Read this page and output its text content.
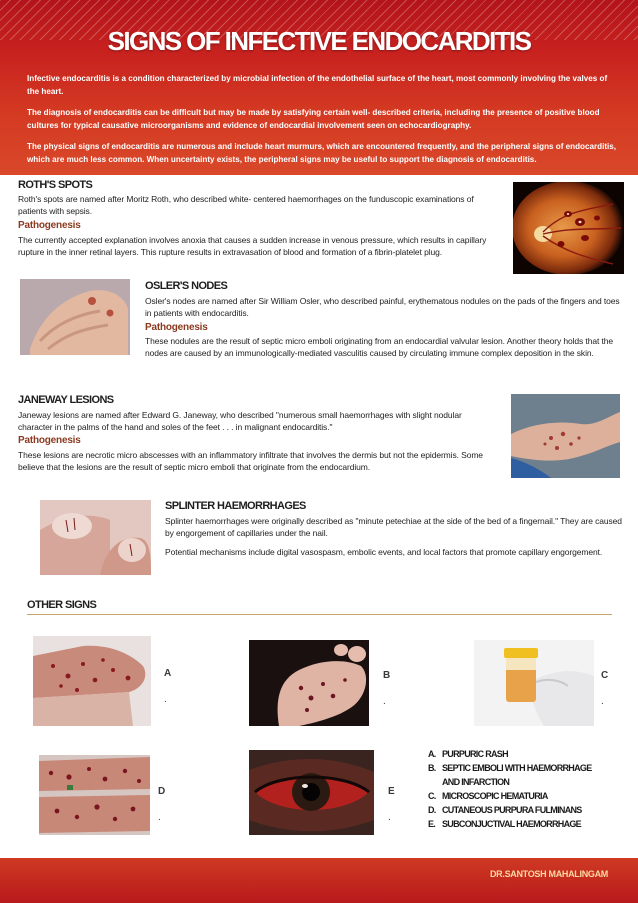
SIGNS OF INFECTIVE ENDOCARDITIS
Infective endocarditis is a condition characterized by microbial infection of the endothelial surface of the heart, most commonly involving the valves of the heart.
The diagnosis of endocarditis can be difficult but may be made by satisfying certain well- described criteria, including the presence of positive blood cultures for typical causative microorganisms and evidence of endocardial involvement seen on echocardiography.
The physical signs of endocarditis are numerous and include heart murmurs, which are encountered frequently, and the peripheral signs of endocarditis, which are much less common. When uncertainty exists, the peripheral signs may be useful to support the diagnosis of endocarditis.
ROTH'S SPOTS
Roth's spots are named after Moritz Roth, who described white- centered haemorrhages on the funduscopic examinations of patients with sepsis.
Pathogenesis
The currently accepted explanation involves anoxia that causes a sudden increase in venous pressure, which results in capillary rupture in the inner retinal layers. This rupture results in extravasation of blood and formation of a fibrin-platelet plug.
OSLER'S NODES
Osler's nodes are named after Sir William Osler, who described painful, erythematous nodules on the pads of the fingers and toes in patients with endocarditis.
Pathogenesis
These nodules are the result of septic micro emboli originating from an endocardial valvular lesion. Another theory holds that the nodes are caused by an immunologically-mediated vasculitis caused by circulating immune complex deposition in the skin.
JANEWAY LESIONS
Janeway lesions are named after Edward G. Janeway, who described "numerous small haemorrhages with slight nodular character in the palms of the hand and soles of the feet . . . in malignant endocarditis."
Pathogenesis
These lesions are necrotic micro abscesses with an inflammatory infiltrate that involves the dermis but not the epidermis. Some believe that the lesions are the result of septic micro emboli that originate from the endocardium.
SPLINTER HAEMORRHAGES
Splinter haemorrhages were originally described as "minute petechiae at the side of the bed of a fingernail." They are caused by engorgement of capillaries under the nail.
Potential mechanisms include digital vasospasm, embolic events, and local factors that promote capillary engorgement.
OTHER SIGNS
A
.
B
.
C
.
D
.
E
.
A. PURPURIC RASH
B. SEPTIC EMBOLI WITH HAEMORRHAGE
AND INFARCTION
C. MICROSCOPIC HEMATURIA
D. CUTANEOUS PURPURA FULMINANS
E. SUBCONJUCTIVAL HAEMORRHAGE
DR.SANTOSH MAHALINGAM
